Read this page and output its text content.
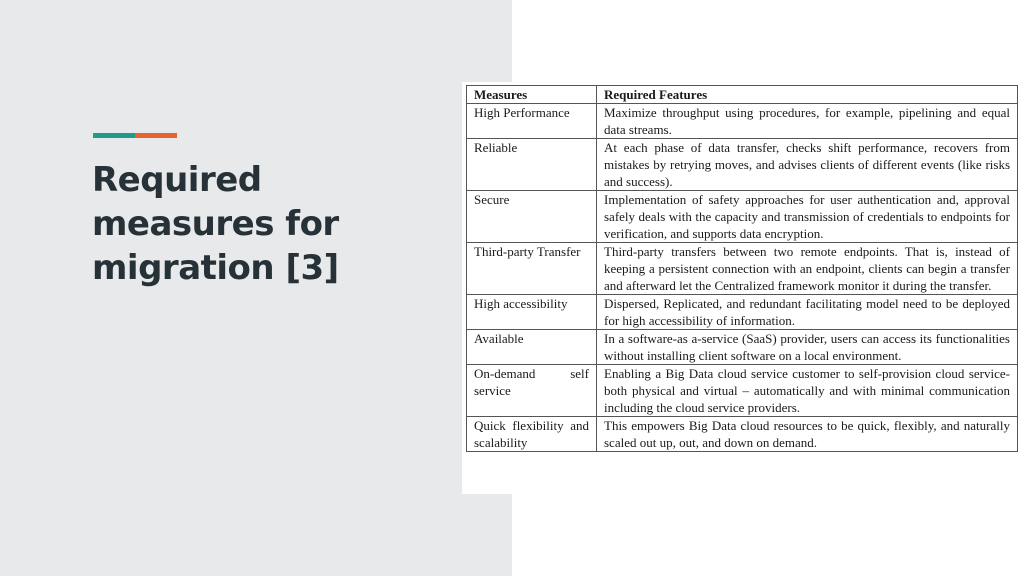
Required measures for migration [3]
Measures	Required Features
High Performance	Maximize throughput using procedures, for example, pipelining and equal data streams.
Reliable	At each phase of data transfer, checks shift performance, recovers from mistakes by retrying moves, and advises clients of different events (like risks and success).
Secure	Implementation of safety approaches for user authentication and, approval safely deals with the capacity and transmission of credentials to endpoints for verification, and supports data encryption.
Third-party Transfer	Third-party transfers between two remote endpoints. That is, instead of keeping a persistent connection with an endpoint, clients can begin a transfer and afterward let the Centralized framework monitor it during the transfer.
High accessibility	Dispersed, Replicated, and redundant facilitating model need to be deployed for high accessibility of information.
Available	In a software-as a-service (SaaS) provider, users can access its functionalities without installing client software on a local environment.
On-demand self service	Enabling a Big Data cloud service customer to self-provision cloud service- both physical and virtual – automatically and with minimal communication including the cloud service providers.
Quick flexibility and scalability	This empowers Big Data cloud resources to be quick, flexibly, and naturally scaled out up, out, and down on demand.
